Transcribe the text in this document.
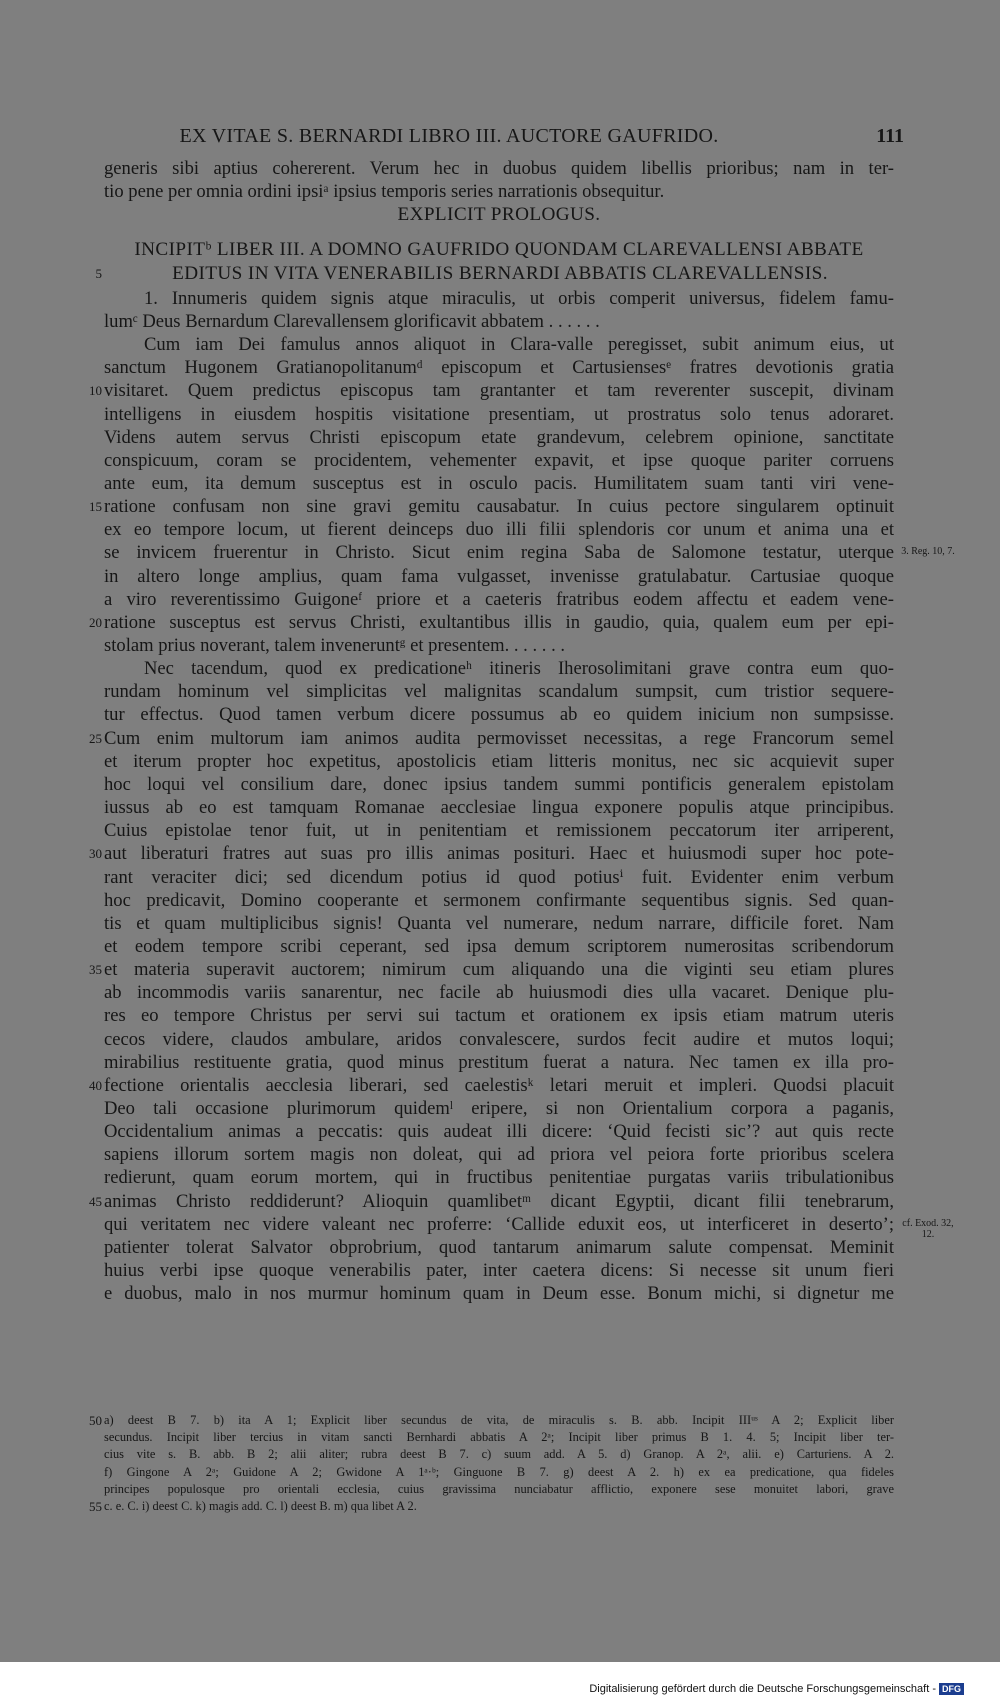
EX VITAE S. BERNARDI LIBRO III. AUCTORE GAUFRIDO.	111
generis sibi aptius cohererent. Verum hec in duobus quidem libellis prioribus; nam in ter-
tio pene per omnia ordini ipsiᵃ ipsius temporis series narrationis obsequitur.
EXPLICIT PROLOGUS.
INCIPITᵇ LIBER III. A DOMNO GAUFRIDO QUONDAM CLAREVALLENSI ABBATE
EDITUS IN VITA VENERABILIS BERNARDI ABBATIS CLAREVALLENSIS.
5
1. Innumeris quidem signis atque miraculis, ut orbis comperit universus, fidelem famu-
lumᶜ Deus Bernardum Clarevallensem glorificavit abbatem . . . . . .
Cum iam Dei famulus annos aliquot in Clara-valle peregisset, subit animum eius, ut
sanctum Hugonem Gratianopolitanumᵈ episcopum et Cartusiensesᵉ fratres devotionis gratia
visitaret. Quem predictus episcopus tam grantanter et tam reverenter suscepit, divinam
10
intelligens in eiusdem hospitis visitatione presentiam, ut prostratus solo tenus adoraret.
Videns autem servus Christi episcopum etate grandevum, celebrem opinione, sanctitate
conspicuum, coram se procidentem, vehementer expavit, et ipse quoque pariter corruens
ante eum, ita demum susceptus est in osculo pacis. Humilitatem suam tanti viri vene-
ratione confusam non sine gravi gemitu causabatur. In cuius pectore singularem optinuit
15
ex eo tempore locum, ut fierent deinceps duo illi filii splendoris cor unum et anima una et
se invicem fruerentur in Christo. Sicut enim regina Saba de Salomone testatur, uterque 3. Reg. 10, 7.
in altero longe amplius, quam fama vulgasset, invenisse gratulabatur. Cartusiae quoque
a viro reverentissimo Guigoneᶠ priore et a caeteris fratribus eodem affectu et eadem vene-
ratione susceptus est servus Christi, exultantibus illis in gaudio, quia, qualem eum per epi-
20
stolam prius noverant, talem inveneruntᵍ et presentem. . . . . . .
Nec tacendum, quod ex predicationeʰ itineris Iherosolimitani grave contra eum quo-
rundam hominum vel simplicitas vel malignitas scandalum sumpsit, cum tristior sequere-
tur effectus. Quod tamen verbum dicere possumus ab eo quidem inicium non sumpsisse.
Cum enim multorum iam animos audita permovisset necessitas, a rege Francorum semel
25
et iterum propter hoc expetitus, apostolicis etiam litteris monitus, nec sic acquievit super
hoc loqui vel consilium dare, donec ipsius tandem summi pontificis generalem epistolam
iussus ab eo est tamquam Romanae aecclesiae lingua exponere populis atque principibus.
Cuius epistolae tenor fuit, ut in penitentiam et remissionem peccatorum iter arriperent,
aut liberaturi fratres aut suas pro illis animas posituri. Haec et huiusmodi super hoc pote-
30
rant veraciter dici; sed dicendum potius id quod potiusⁱ fuit. Evidenter enim verbum
hoc predicavit, Domino cooperante et sermonem confirmante sequentibus signis. Sed quan-
tis et quam multiplicibus signis! Quanta vel numerare, nedum narrare, difficile foret. Nam
et eodem tempore scribi ceperant, sed ipsa demum scriptorem numerositas scribendorum
et materia superavit auctorem; nimirum cum aliquando una die viginti seu etiam plures
35
ab incommodis variis sanarentur, nec facile ab huiusmodi dies ulla vacaret. Denique plu-
res eo tempore Christus per servi sui tactum et orationem ex ipsis etiam matrum uteris
cecos videre, claudos ambulare, aridos convalescere, surdos fecit audire et mutos loqui;
mirabilius restituente gratia, quod minus prestitum fuerat a natura. Nec tamen ex illa pro-
fectione orientalis aecclesia liberari, sed caelestisᵏ letari meruit et impleri. Quodsi placuit
40
Deo tali occasione plurimorum quidemˡ eripere, si non Orientalium corpora a paganis,
Occidentalium animas a peccatis: quis audeat illi dicere: ‘Quid fecisti sic’? aut quis recte
sapiens illorum sortem magis non doleat, qui ad priora vel peiora forte prioribus scelera
redierunt, quam eorum mortem, qui in fructibus penitentiae purgatas variis tribulationibus
animas Christo reddiderunt? Alioquin quamlibetᵐ dicant Egyptii, dicant filii tenebrarum,
45
qui veritatem nec videre valeant nec proferre: ‘Callide eduxit eos, ut interficeret in deserto’; cf. Exod. 32, 12.
patienter tolerat Salvator obprobrium, quod tantarum animarum salute compensat. Meminit
huius verbi ipse quoque venerabilis pater, inter caetera dicens: Si necesse sit unum fieri
e duobus, malo in nos murmur hominum quam in Deum esse. Bonum michi, si dignetur me
a) deest B 7. b) ita A 1; Explicit liber secundus de vita, de miraculis s. B. abb. Incipit IIIᵘˢ A 2; Explicit liber
50
secundus. Incipit liber tercius in vitam sancti Bernhardi abbatis A 2ᵃ; Incipit liber primus B 1. 4. 5; Incipit liber ter-
cius vite s. B. abb. B 2; alii aliter; rubra deest B 7. c) suum add. A 5. d) Granop. A 2ᵃ, alii. e) Carturiens. A 2.
f) Gingone A 2ᵃ; Guidone A 2; Gwidone A 1ᵃ·ᵇ; Ginguone B 7. g) deest A 2. h) ex ea predicatione, qua fideles
principes populosque pro orientali ecclesia, cuius gravissima nunciabatur afflictio, exponere sese monuitet labori, grave
c. e. C. i) deest C. k) magis add. C. l) deest B. m) qua libet A 2.
55
Digitalisierung gefördert durch die Deutsche Forschungsgemeinschaft - DFG
